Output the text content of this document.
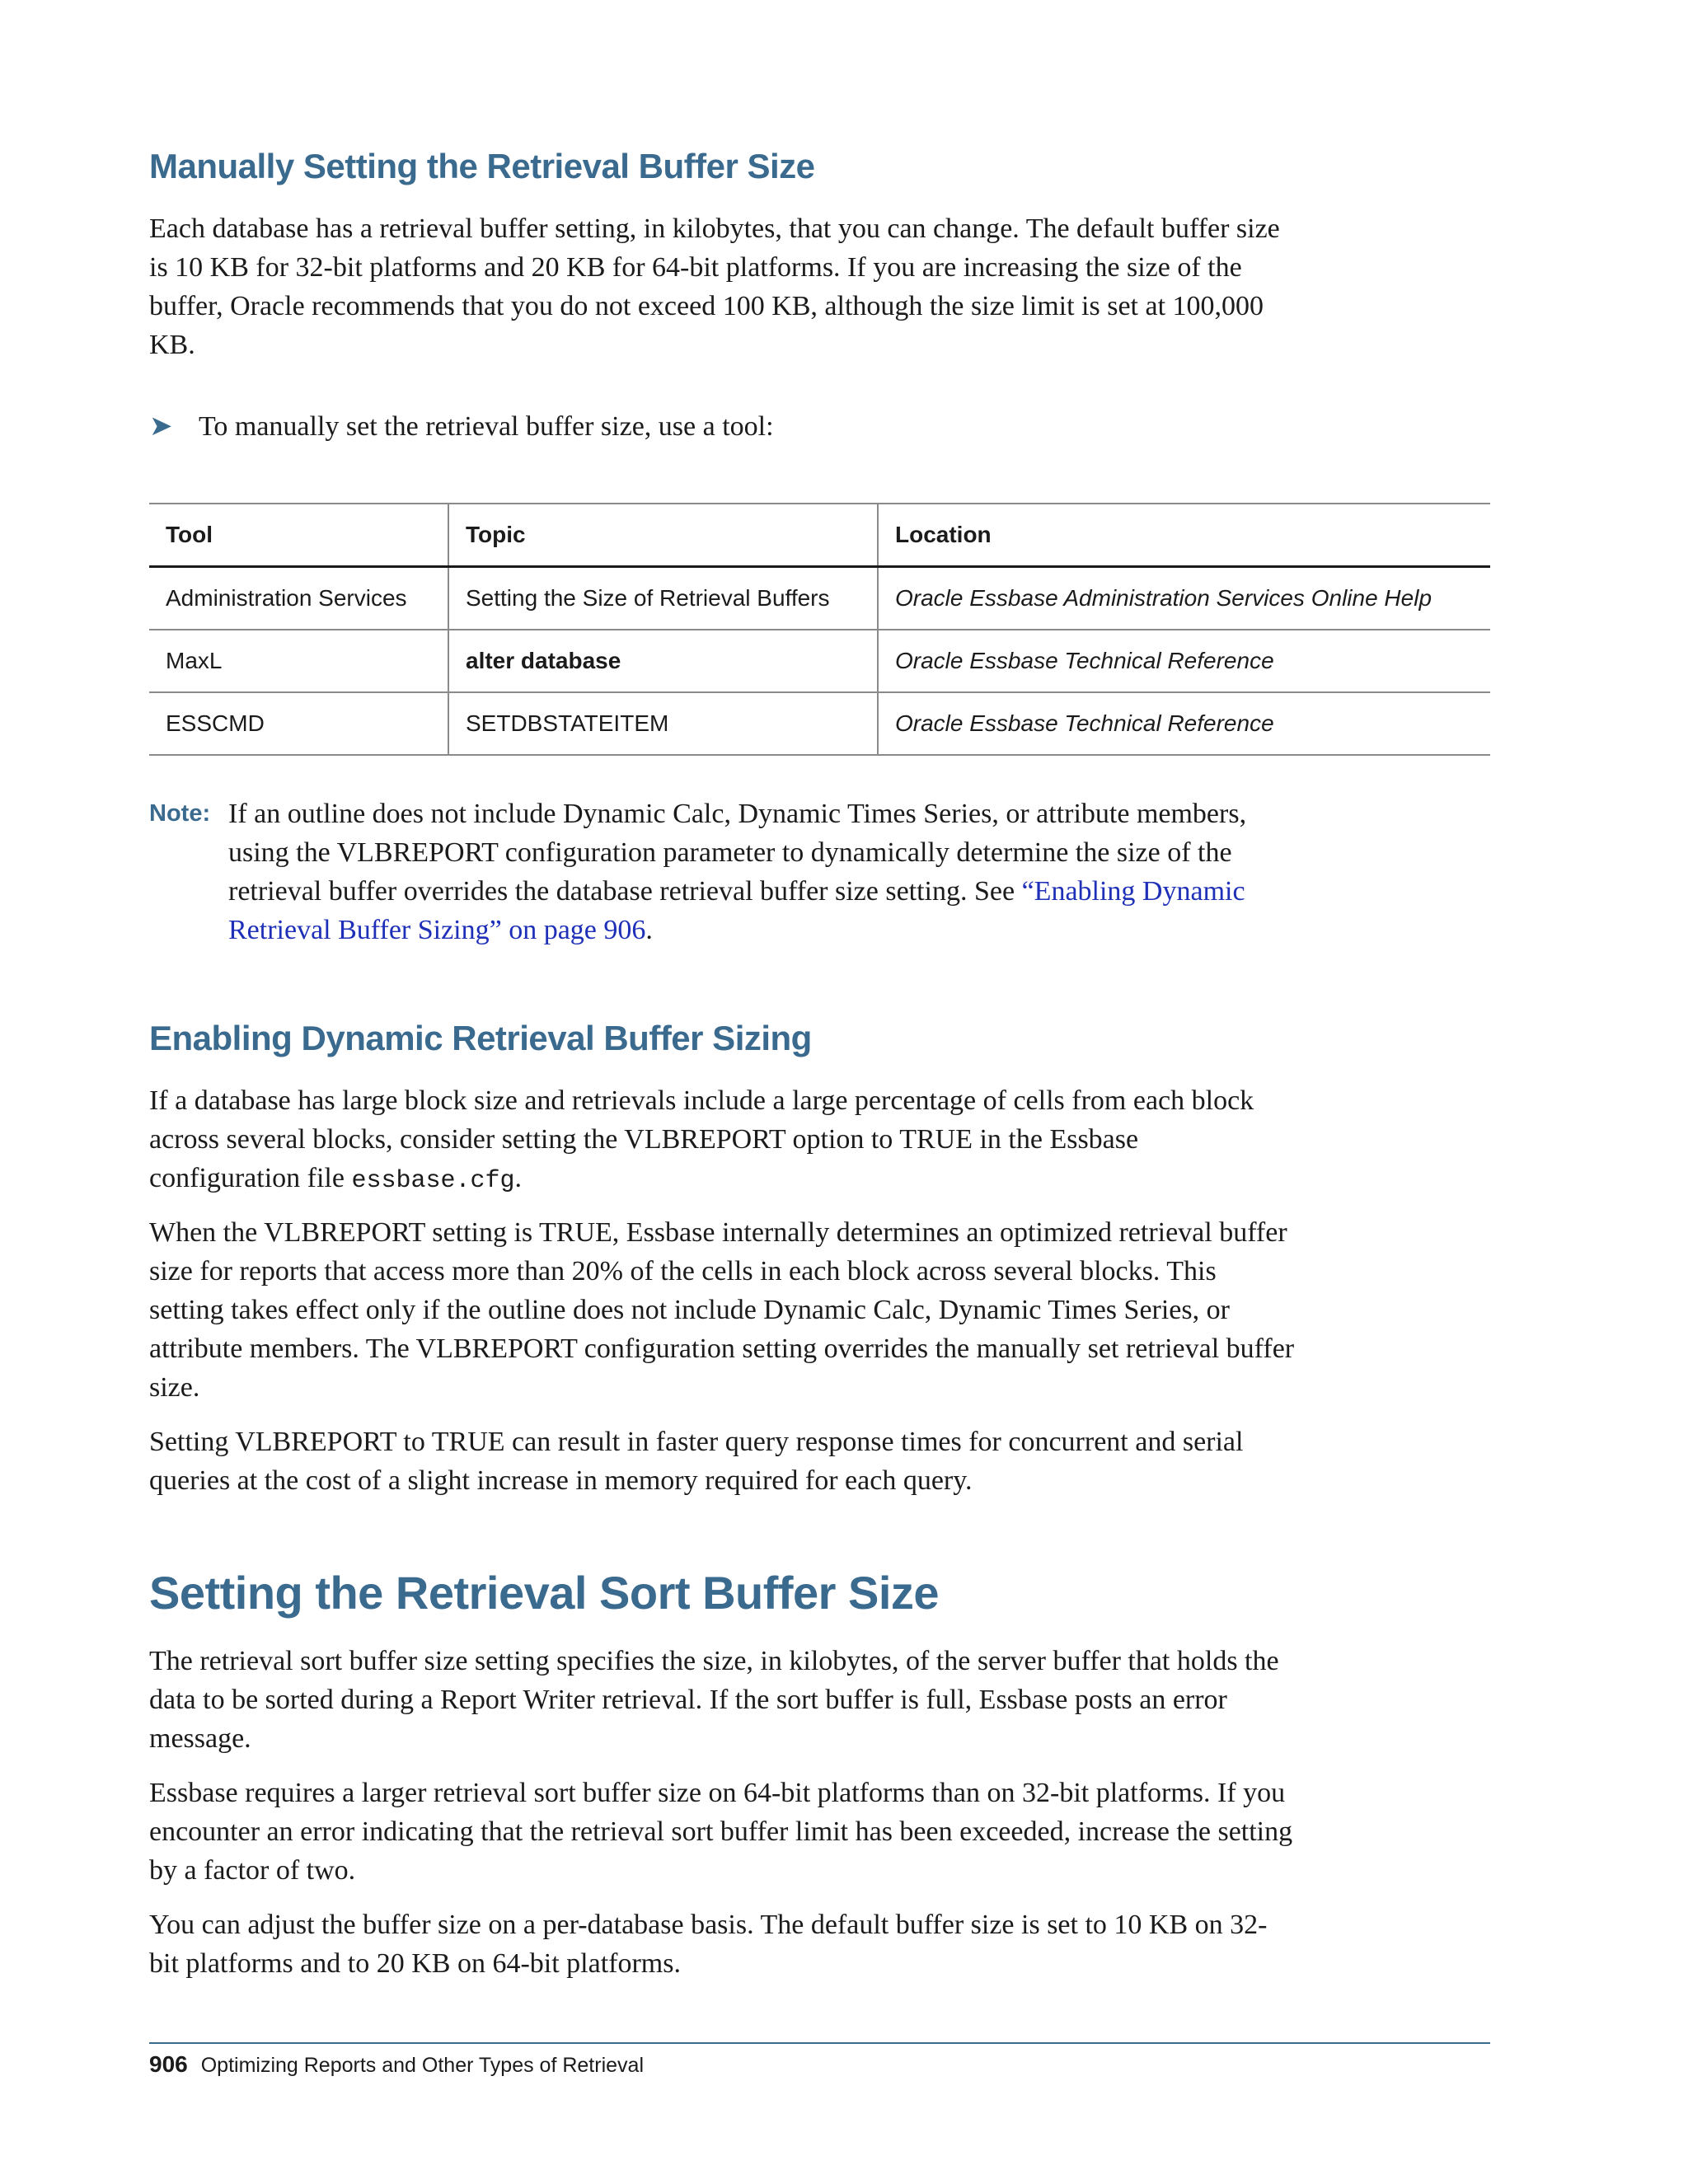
Manually Setting the Retrieval Buffer Size

Each database has a retrieval buffer setting, in kilobytes, that you can change. The default buffer size is 10 KB for 32-bit platforms and 20 KB for 64-bit platforms. If you are increasing the size of the buffer, Oracle recommends that you do not exceed 100 KB, although the size limit is set at 100,000 KB.

➤ To manually set the retrieval buffer size, use a tool:
Tool	Topic	Location
Administration Services	Setting the Size of Retrieval Buffers	Oracle Essbase Administration Services Online Help
MaxL	alter database	Oracle Essbase Technical Reference
ESSCMD	SETDBSTATEITEM	Oracle Essbase Technical Reference
Note: If an outline does not include Dynamic Calc, Dynamic Times Series, or attribute members, using the VLBREPORT configuration parameter to dynamically determine the size of the retrieval buffer overrides the database retrieval buffer size setting. See “Enabling Dynamic Retrieval Buffer Sizing” on page 906.
Enabling Dynamic Retrieval Buffer Sizing

If a database has large block size and retrievals include a large percentage of cells from each block across several blocks, consider setting the VLBREPORT option to TRUE in the Essbase configuration file essbase.cfg.

When the VLBREPORT setting is TRUE, Essbase internally determines an optimized retrieval buffer size for reports that access more than 20% of the cells in each block across several blocks. This setting takes effect only if the outline does not include Dynamic Calc, Dynamic Times Series, or attribute members. The VLBREPORT configuration setting overrides the manually set retrieval buffer size.

Setting VLBREPORT to TRUE can result in faster query response times for concurrent and serial queries at the cost of a slight increase in memory required for each query.

Setting the Retrieval Sort Buffer Size

The retrieval sort buffer size setting specifies the size, in kilobytes, of the server buffer that holds the data to be sorted during a Report Writer retrieval. If the sort buffer is full, Essbase posts an error message.

Essbase requires a larger retrieval sort buffer size on 64-bit platforms than on 32-bit platforms. If you encounter an error indicating that the retrieval sort buffer limit has been exceeded, increase the setting by a factor of two.

You can adjust the buffer size on a per-database basis. The default buffer size is set to 10 KB on 32-bit platforms and to 20 KB on 64-bit platforms.

906 Optimizing Reports and Other Types of Retrieval
